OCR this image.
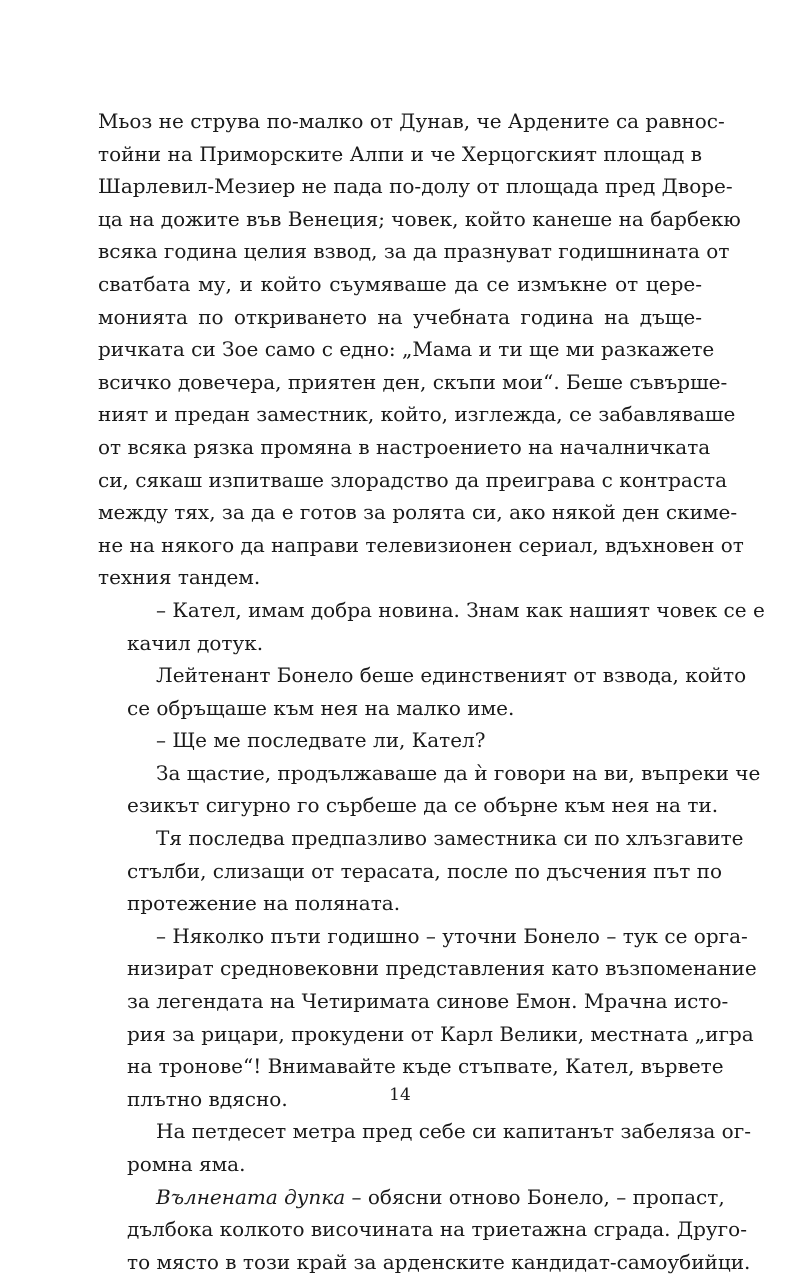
Мьоз не струва по-малко от Дунав, че Ардените са равнос-
тойни на Приморските Алпи и че Херцогският площад в
Шарлевил-Мезиер не пада по-долу от площада пред Двоpe-
ца на дожите във Венеция; човек, който канеше на барбекю
всяка година целия взвод, за да празнуват годишнината от
сватбата му, и който съумяваше да се измъкне от цере-
монията по откриването на учебната година на дъще-
ричката си Зое само с едно: „Мама и ти ще ми разкажете
всичко довечера, приятен ден, скъпи мои“. Беше съвърше-
ният и предан заместник, който, изглежда, се забавляваше
от всяка рязка промяна в настроението на началничката
си, сякаш изпитваше злорадство да преиграва с контраста
между тях, за да е готов за ролята си, ако някой ден скиме-
не на някого да направи телевизионен сериал, вдъхновен от
техния тандем.

– Кател, имам добра новина. Знам как нашият човек се е
качил дотук.

Лейтенант Бонело беше единственият от взвода, който
се обръщаше към нея на малко име.

– Ще ме последвате ли, Кател?

За щастие, продължаваше да ѝ говори на ви, въпреки че
езикът сигурно го сърбеше да се обърне към нея на ти.

Тя последва предпазливо заместника си по хлъзгавите
стълби, слизащи от терасата, после по дъсчения път по
протежение на поляната.

– Няколко пъти годишно – уточни Бонело – тук се орга-
низират средновековни представления като възпоменание
за легендата на Четиримата синове Емон. Мрачна исто-
рия за рицари, прокудени от Карл Велики, местната „игра
на тронове“! Внимавайте къде стъпвате, Кател, вървете
плътно вдясно.

На петдесет метра пред себе си капитанът забеляза ог-
ромна яма.

Вълнената дупка – обясни отново Бонело, – пропаст,
дълбока колкото височината на триетажна сграда. Друго-
то място в този край за арденските кандидат-самоубийци.

14
